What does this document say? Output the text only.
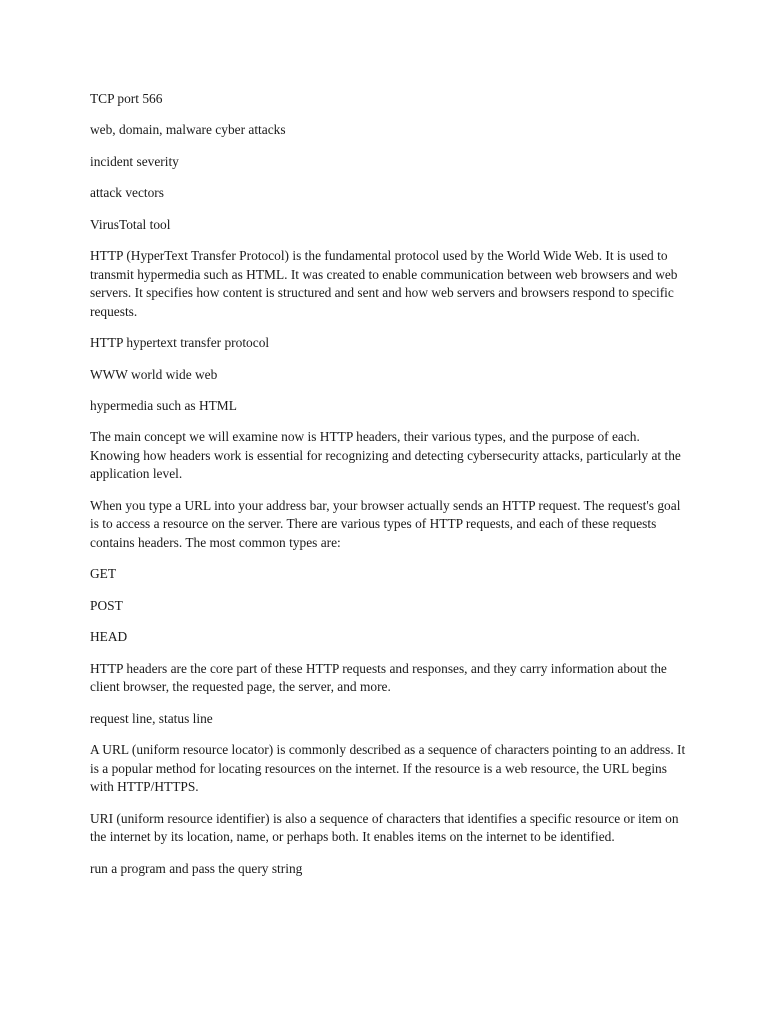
TCP port 566

web, domain, malware cyber attacks

incident severity

attack vectors

VirusTotal tool

HTTP (HyperText Transfer Protocol) is the fundamental protocol used by the World Wide Web. It is used to transmit hypermedia such as HTML. It was created to enable communication between web browsers and web servers. It specifies how content is structured and sent and how web servers and browsers respond to specific requests.

HTTP hypertext transfer protocol

WWW world wide web

hypermedia such as HTML

The main concept we will examine now is HTTP headers, their various types, and the purpose of each. Knowing how headers work is essential for recognizing and detecting cybersecurity attacks, particularly at the application level.

When you type a URL into your address bar, your browser actually sends an HTTP request. The request's goal is to access a resource on the server. There are various types of HTTP requests, and each of these requests contains headers. The most common types are:

GET

POST

HEAD

HTTP headers are the core part of these HTTP requests and responses, and they carry information about the client browser, the requested page, the server, and more.

request line, status line

A URL (uniform resource locator) is commonly described as a sequence of characters pointing to an address. It is a popular method for locating resources on the internet. If the resource is a web resource, the URL begins with HTTP/HTTPS.

URI (uniform resource identifier) is also a sequence of characters that identifies a specific resource or item on the internet by its location, name, or perhaps both. It enables items on the internet to be identified.

run a program and pass the query string
